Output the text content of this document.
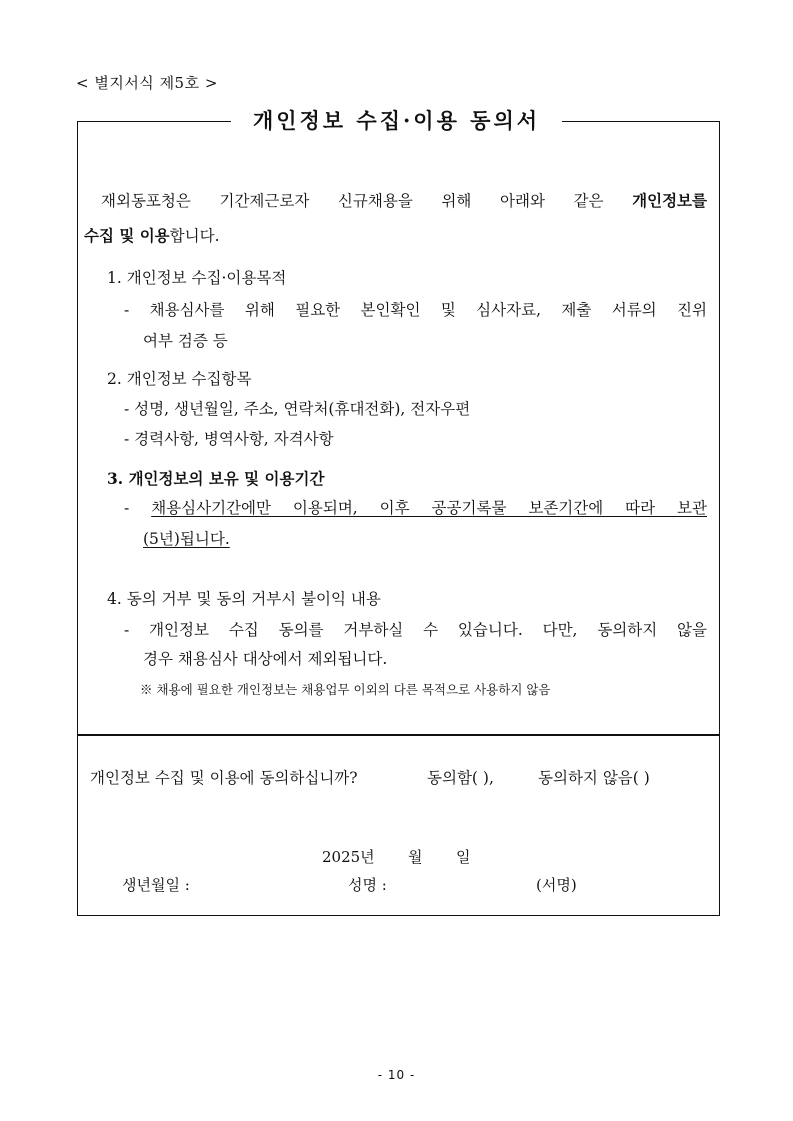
< 별지서식 제5호 >
개인정보 수집·이용 동의서
재외동포청은 기간제근로자 신규채용을 위해 아래와 같은 개인정보를
수집 및 이용합니다.
1. 개인정보 수집·이용목적
- 채용심사를 위해 필요한 본인확인 및 심사자료, 제출 서류의 진위
여부 검증 등
2. 개인정보 수집항목
- 성명, 생년월일, 주소, 연락처(휴대전화), 전자우편
- 경력사항, 병역사항, 자격사항
3. 개인정보의 보유 및 이용기간
- 채용심사기간에만 이용되며, 이후 공공기록물 보존기간에 따라 보관
(5년)됩니다.
4. 동의 거부 및 동의 거부시 불이익 내용
- 개인정보 수집 동의를 거부하실 수 있습니다. 다만, 동의하지 않을
경우 채용심사 대상에서 제외됩니다.
※ 채용에 필요한 개인정보는 채용업무 이외의 다른 목적으로 사용하지 않음
개인정보 수집 및 이용에 동의하십니까?	동의함( ),	동의하지 않음( )
2025년 월 일
생년월일 :	성명 :	(서명)
- 10 -
